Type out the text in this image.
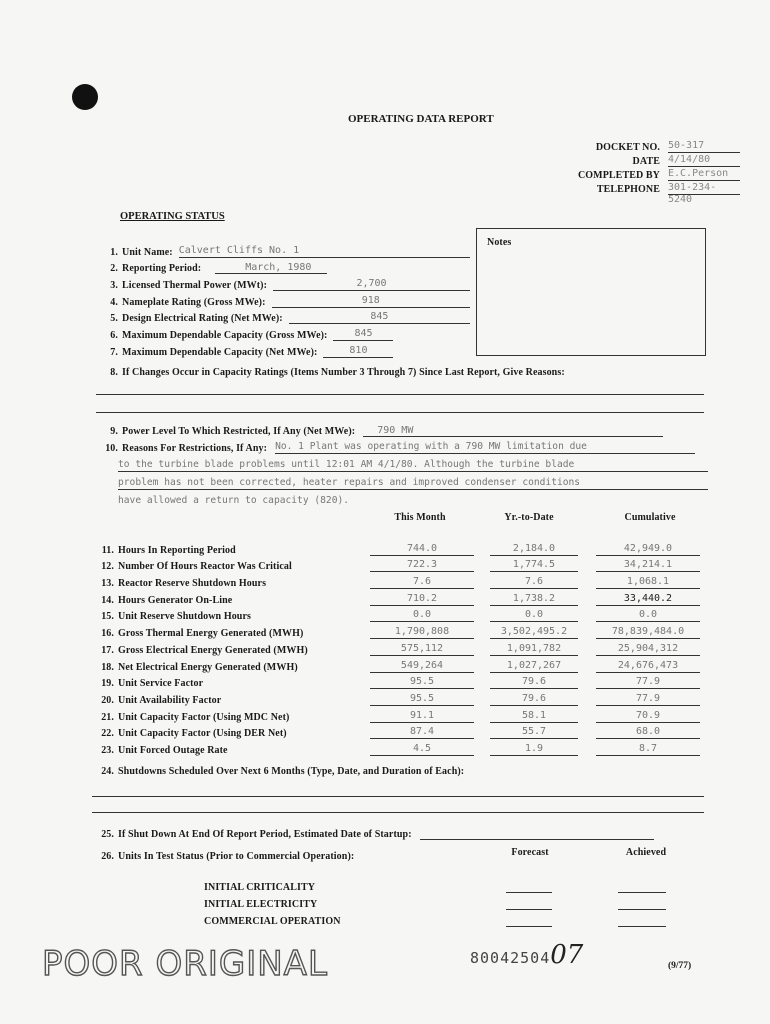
OPERATING DATA REPORT
DOCKET NO. 50-317
DATE 4/14/80
COMPLETED BY E.C.Person
TELEPHONE 301-234-5240
OPERATING STATUS
Notes
1. Unit Name: Calvert Cliffs No. 1
2. Reporting Period:	March, 1980
3. Licensed Thermal Power (MWt):	2,700
4. Nameplate Rating (Gross MWe):	918
5. Design Electrical Rating (Net MWe):	845
6. Maximum Dependable Capacity (Gross MWe):	845
7. Maximum Dependable Capacity (Net MWe):	810
8. If Changes Occur in Capacity Ratings (Items Number 3 Through 7) Since Last Report, Give Reasons:
9. Power Level To Which Restricted, If Any (Net MWe):	790 MW
10. Reasons For Restrictions, If Any: No. 1 Plant was operating with a 790 MW limitation due
to the turbine blade problems until 12:01 AM 4/1/80. Although the turbine blade
problem has not been corrected, heater repairs and improved condenser conditions
have allowed a return to capacity (820).
This Month	Yr.-to-Date	Cumulative
11. Hours In Reporting Period	744.0	2,184.0	42,949.0
12. Number Of Hours Reactor Was Critical	722.3	1,774.5	34,214.1
13. Reactor Reserve Shutdown Hours	7.6	7.6	1,068.1
14. Hours Generator On-Line	710.2	1,738.2	33,440.2
15. Unit Reserve Shutdown Hours	0.0	0.0	0.0
16. Gross Thermal Energy Generated (MWH)	1,790,808	3,502,495.2	78,839,484.0
17. Gross Electrical Energy Generated (MWH)	575,112	1,091,782	25,904,312
18. Net Electrical Energy Generated (MWH)	549,264	1,027,267	24,676,473
19. Unit Service Factor	95.5	79.6	77.9
20. Unit Availability Factor	95.5	79.6	77.9
21. Unit Capacity Factor (Using MDC Net)	91.1	58.1	70.9
22. Unit Capacity Factor (Using DER Net)	87.4	55.7	68.0
23. Unit Forced Outage Rate	4.5	1.9	8.7
24. Shutdowns Scheduled Over Next 6 Months (Type, Date, and Duration of Each):
25. If Shut Down At End Of Report Period, Estimated Date of Startup:
26. Units In Test Status (Prior to Commercial Operation):	Forecast	Achieved
INITIAL CRITICALITY
INITIAL ELECTRICITY
COMMERCIAL OPERATION
POOR ORIGINAL	8004250407	(9/77)
